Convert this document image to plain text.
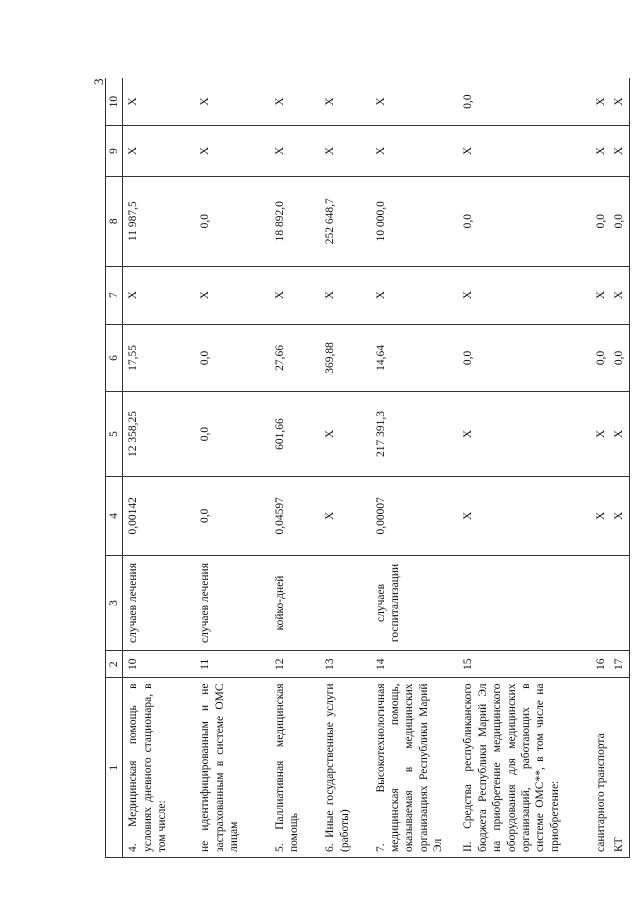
3
1	2	3	4	5	6	7	8	9	10
4. Медицинская помощь в условиях дневного стационара, в том числе:	10	случаев лечения	0,00142	12 358,25	17,55	X	11 987,5	X	X
не идентифицированным и не застрахованным в системе ОМС лицам	11	случаев лечения	0,0	0,0	0,0	X	0,0	X	X
5. Паллиативная медицинская помощь	12	койко-дней	0,04597	601,66	27,66	X	18 892,0	X	X
6. Иные государственные услуги (работы)	13		X	X	369,88	X	252 648,7	X	X
7. Высокотехнологичная медицинская помощь, оказываемая в медицинских организациях Республики Марий Эл	14	случаев госпитализации	0,00007	217 391,3	14,64	X	10 000,0	X	X
II. Средства республиканского бюджета Республики Марий Эл на приобретение медицинского оборудования для медицинских организаций, работающих в системе ОМС**, в том числе на приобретение:	15		X	X	0,0	X	0,0	X	0,0
санитарного транспорта	16		X	X	0,0	X	0,0	X	X
КТ	17		X	X	0,0	X	0,0	X	X
